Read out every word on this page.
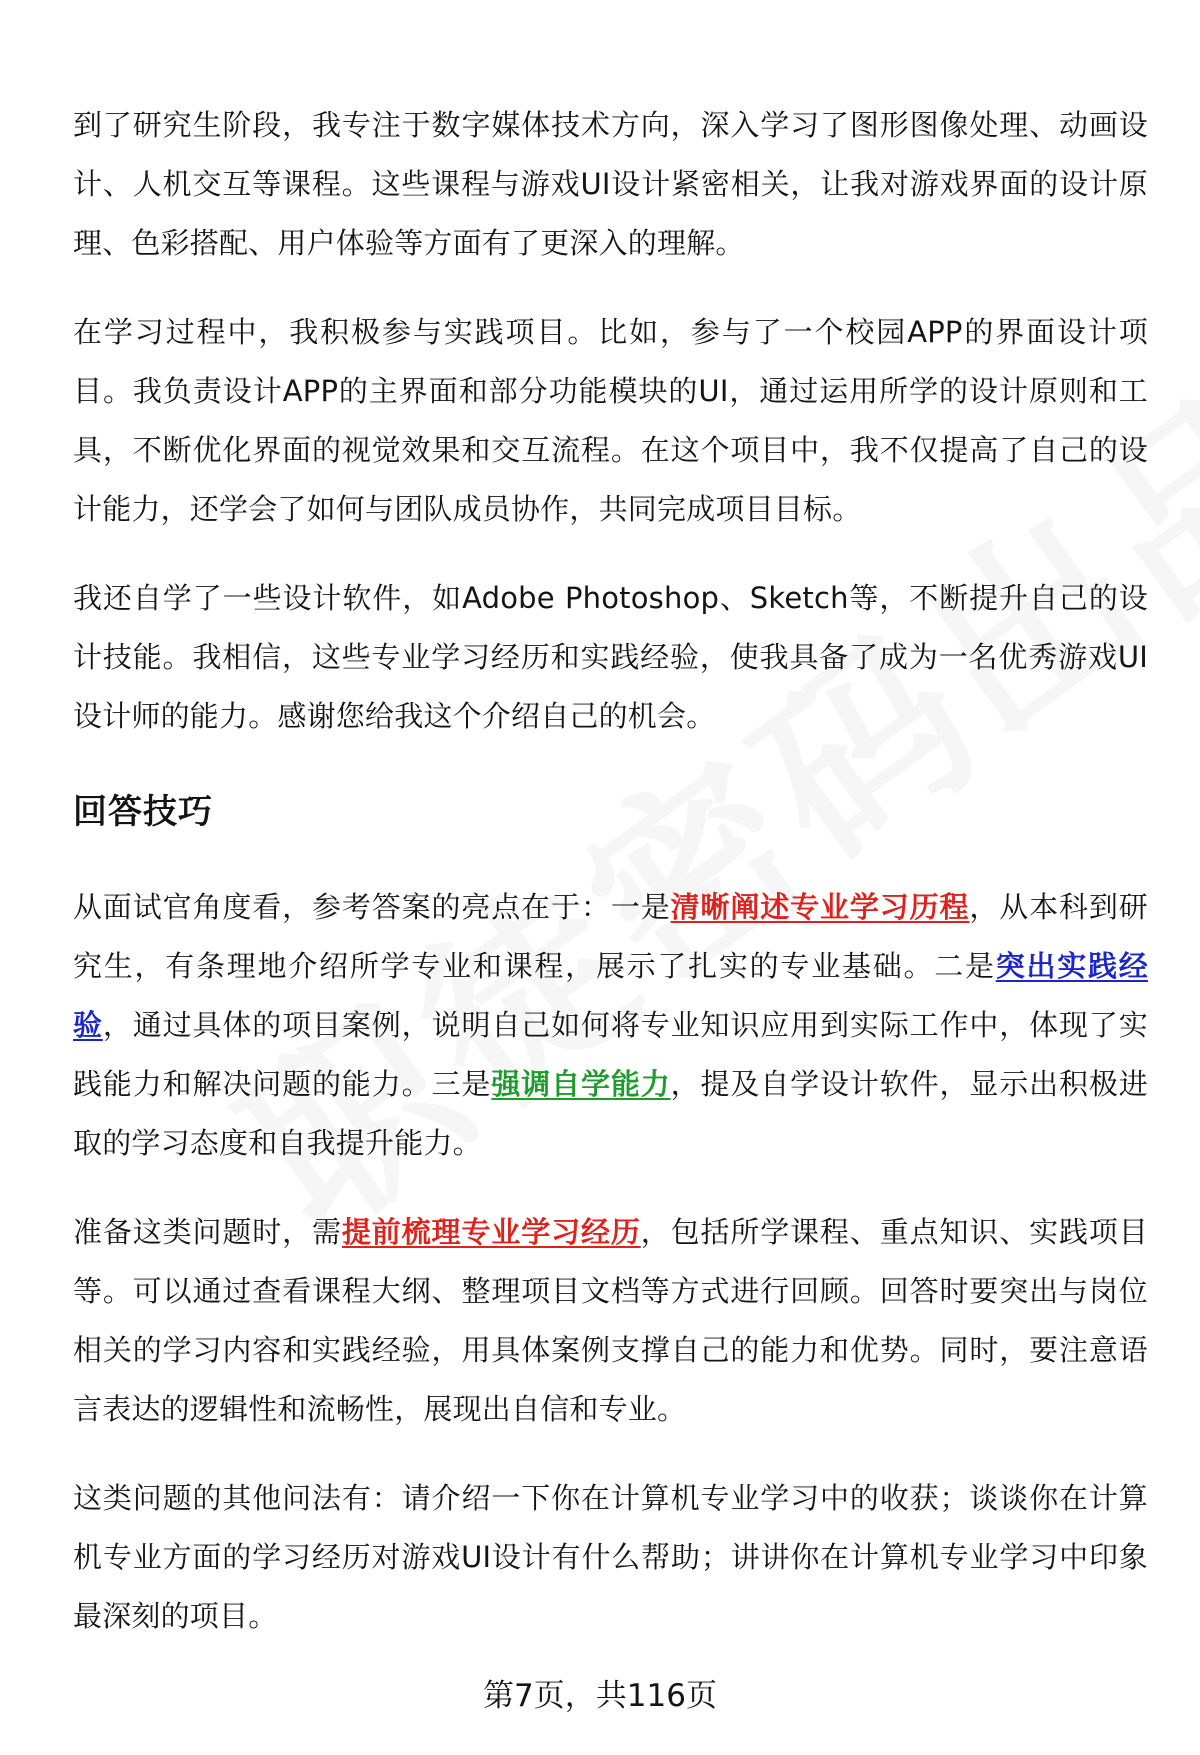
到了研究生阶段，我专注于数字媒体技术方向，深入学习了图形图像处理、动画设计、人机交互等课程。这些课程与游戏UI设计紧密相关，让我对游戏界面的设计原理、色彩搭配、用户体验等方面有了更深入的理解。

在学习过程中，我积极参与实践项目。比如，参与了一个校园APP的界面设计项目。我负责设计APP的主界面和部分功能模块的UI，通过运用所学的设计原则和工具，不断优化界面的视觉效果和交互流程。在这个项目中，我不仅提高了自己的设计能力，还学会了如何与团队成员协作，共同完成项目目标。

我还自学了一些设计软件，如Adobe Photoshop、Sketch等，不断提升自己的设计技能。我相信，这些专业学习经历和实践经验，使我具备了成为一名优秀游戏UI设计师的能力。感谢您给我这个介绍自己的机会。

回答技巧

从面试官角度看，参考答案的亮点在于：一是清晰阐述专业学习历程，从本科到研究生，有条理地介绍所学专业和课程，展示了扎实的专业基础。二是突出实践经验，通过具体的项目案例，说明自己如何将专业知识应用到实际工作中，体现了实践能力和解决问题的能力。三是强调自学能力，提及自学设计软件，显示出积极进取的学习态度和自我提升能力。

准备这类问题时，需提前梳理专业学习经历，包括所学课程、重点知识、实践项目等。可以通过查看课程大纲、整理项目文档等方式进行回顾。回答时要突出与岗位相关的学习内容和实践经验，用具体案例支撑自己的能力和优势。同时，要注意语言表达的逻辑性和流畅性，展现出自信和专业。

这类问题的其他问法有：请介绍一下你在计算机专业学习中的收获；谈谈你在计算机专业方面的学习经历对游戏UI设计有什么帮助；讲讲你在计算机专业学习中印象最深刻的项目。

第7页，共116页
